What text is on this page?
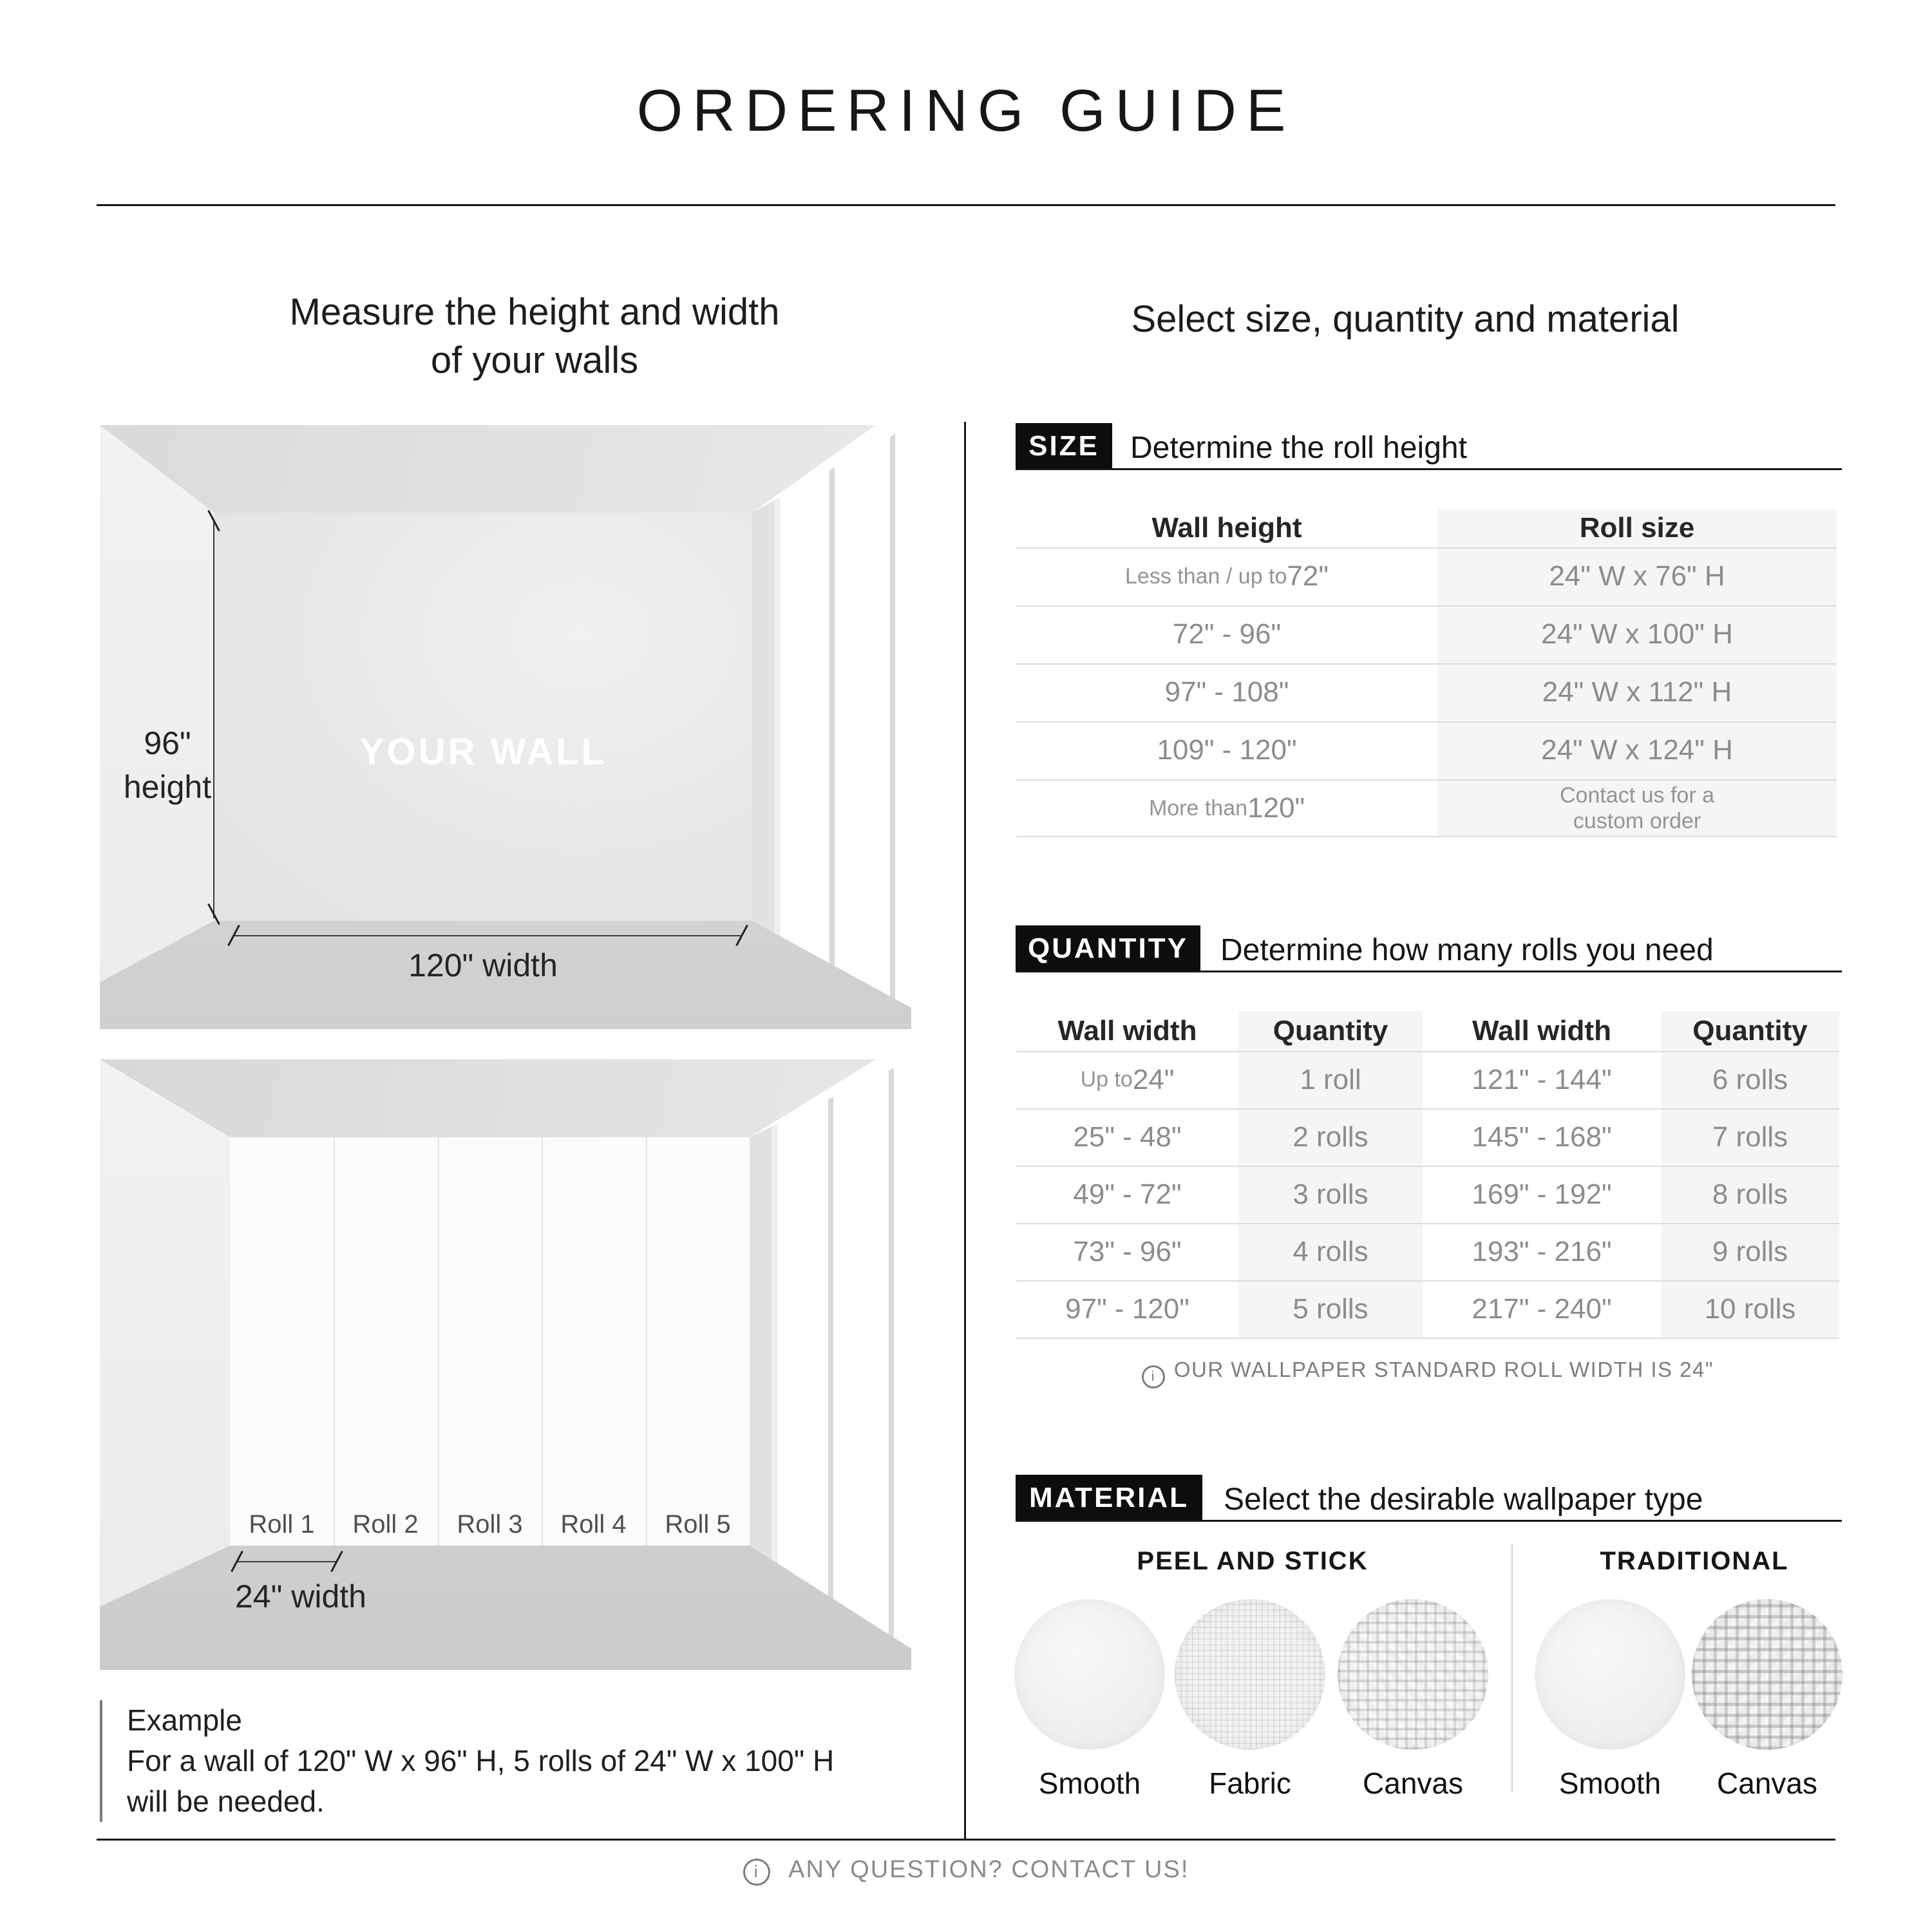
ORDERING GUIDE
Measure the height and width
of your walls
Select size, quantity and material
96"
height
YOUR WALL
120" width
Roll 1	Roll 2	Roll 3	Roll 4	Roll 5
24" width
Example
For a wall of 120" W x 96" H, 5 rolls of 24" W x 100" H
will be needed.
SIZE	Determine the roll height
Wall height	Roll size
Less than / up to 72"	24" W x 76" H
72" - 96"	24" W x 100" H
97" - 108"	24" W x 112" H
109" - 120"	24" W x 124" H
More than 120"	Contact us for a
custom order
QUANTITY	Determine how many rolls you need
Wall width	Quantity	Wall width	Quantity
Up to 24"	1 roll	121" - 144"	6 rolls
25" - 48"	2 rolls	145" - 168"	7 rolls
49" - 72"	3 rolls	169" - 192"	8 rolls
73" - 96"	4 rolls	193" - 216"	9 rolls
97" - 120"	5 rolls	217" - 240"	10 rolls
i OUR WALLPAPER STANDARD ROLL WIDTH IS 24"
MATERIAL	Select the desirable wallpaper type
PEEL AND STICK	TRADITIONAL
Smooth	Fabric	Canvas	Smooth	Canvas
i ANY QUESTION? CONTACT US!
